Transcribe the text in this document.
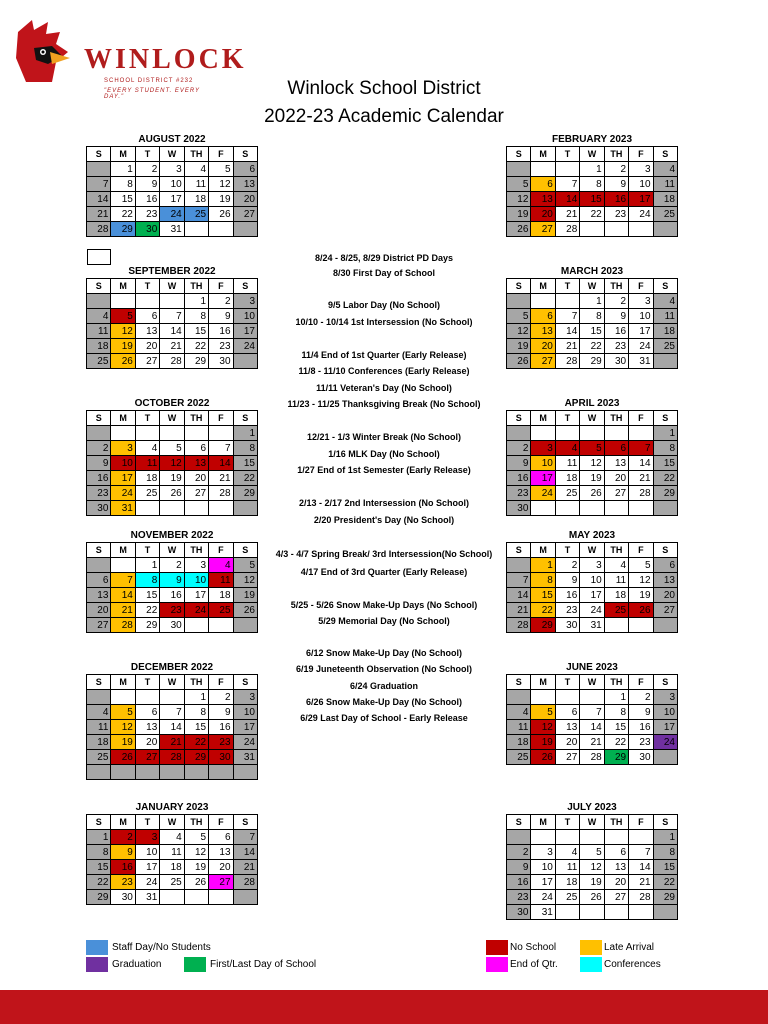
WINLOCK
SCHOOL DISTRICT #232
"EVERY STUDENT. EVERY DAY."	Winlock School District
2022-23 Academic Calendar
AUGUST 2022
S	M	T	W	TH	F	S
	1	2	3	4	5	6
7	8	9	10	11	12	13
14	15	16	17	18	19	20
21	22	23	24	25	26	27
28	29	30	31			
SEPTEMBER 2022
S	M	T	W	TH	F	S
				1	2	3
4	5	6	7	8	9	10
11	12	13	14	15	16	17
18	19	20	21	22	23	24
25	26	27	28	29	30	
OCTOBER 2022
S	M	T	W	TH	F	S
						1
2	3	4	5	6	7	8
9	10	11	12	13	14	15
16	17	18	19	20	21	22
23	24	25	26	27	28	29
30	31					
NOVEMBER 2022
S	M	T	W	TH	F	S
		1	2	3	4	5
6	7	8	9	10	11	12
13	14	15	16	17	18	19
20	21	22	23	24	25	26
27	28	29	30			
DECEMBER 2022
S	M	T	W	TH	F	S
				1	2	3
4	5	6	7	8	9	10
11	12	13	14	15	16	17
18	19	20	21	22	23	24
25	26	27	28	29	30	31

JANUARY 2023
S	M	T	W	TH	F	S
1	2	3	4	5	6	7
8	9	10	11	12	13	14
15	16	17	18	19	20	21
22	23	24	25	26	27	28
29	30	31				
FEBRUARY 2023
S	M	T	W	TH	F	S
			1	2	3	4
5	6	7	8	9	10	11
12	13	14	15	16	17	18
19	20	21	22	23	24	25
26	27	28				
MARCH 2023
S	M	T	W	TH	F	S
			1	2	3	4
5	6	7	8	9	10	11
12	13	14	15	16	17	18
19	20	21	22	23	24	25
26	27	28	29	30	31	
APRIL 2023
S	M	T	W	TH	F	S
						1
2	3	4	5	6	7	8
9	10	11	12	13	14	15
16	17	18	19	20	21	22
23	24	25	26	27	28	29
30						
MAY 2023
S	M	T	W	TH	F	S
	1	2	3	4	5	6
7	8	9	10	11	12	13
14	15	16	17	18	19	20
21	22	23	24	25	26	27
28	29	30	31			
JUNE 2023
S	M	T	W	TH	F	S
				1	2	3
4	5	6	7	8	9	10
11	12	13	14	15	16	17
18	19	20	21	22	23	24
25	26	27	28	29	30	
JULY 2023
S	M	T	W	TH	F	S
						1
2	3	4	5	6	7	8
9	10	11	12	13	14	15
16	17	18	19	20	21	22
23	24	25	26	27	28	29
30	31					
8/24 - 8/25, 8/29 District PD Days
8/30 First Day of School
9/5 Labor Day (No School)
10/10 - 10/14 1st Intersession (No School)
11/4 End of 1st Quarter (Early Release)
11/8 - 11/10 Conferences (Early Release)
11/11 Veteran's Day (No School)
11/23 - 11/25 Thanksgiving Break (No School)
12/21 - 1/3 Winter Break (No School)
1/16 MLK Day (No School)
1/27 End of 1st Semester (Early Release)
2/13 - 2/17 2nd Intersession (No School)
2/20 President's Day (No School)
4/3 - 4/7 Spring Break/ 3rd Intersession(No School)
4/17 End of 3rd Quarter (Early Release)
5/25 - 5/26 Snow Make-Up Days (No School)
5/29 Memorial Day (No School)
6/12 Snow Make-Up Day (No School)
6/19 Juneteenth Observation (No School)
6/24 Graduation
6/26 Snow Make-Up Day (No School)
6/29 Last Day of School - Early Release
Staff Day/No Students
Graduation	First/Last Day of School
No School	Late Arrival
End of Qtr.	Conferences
